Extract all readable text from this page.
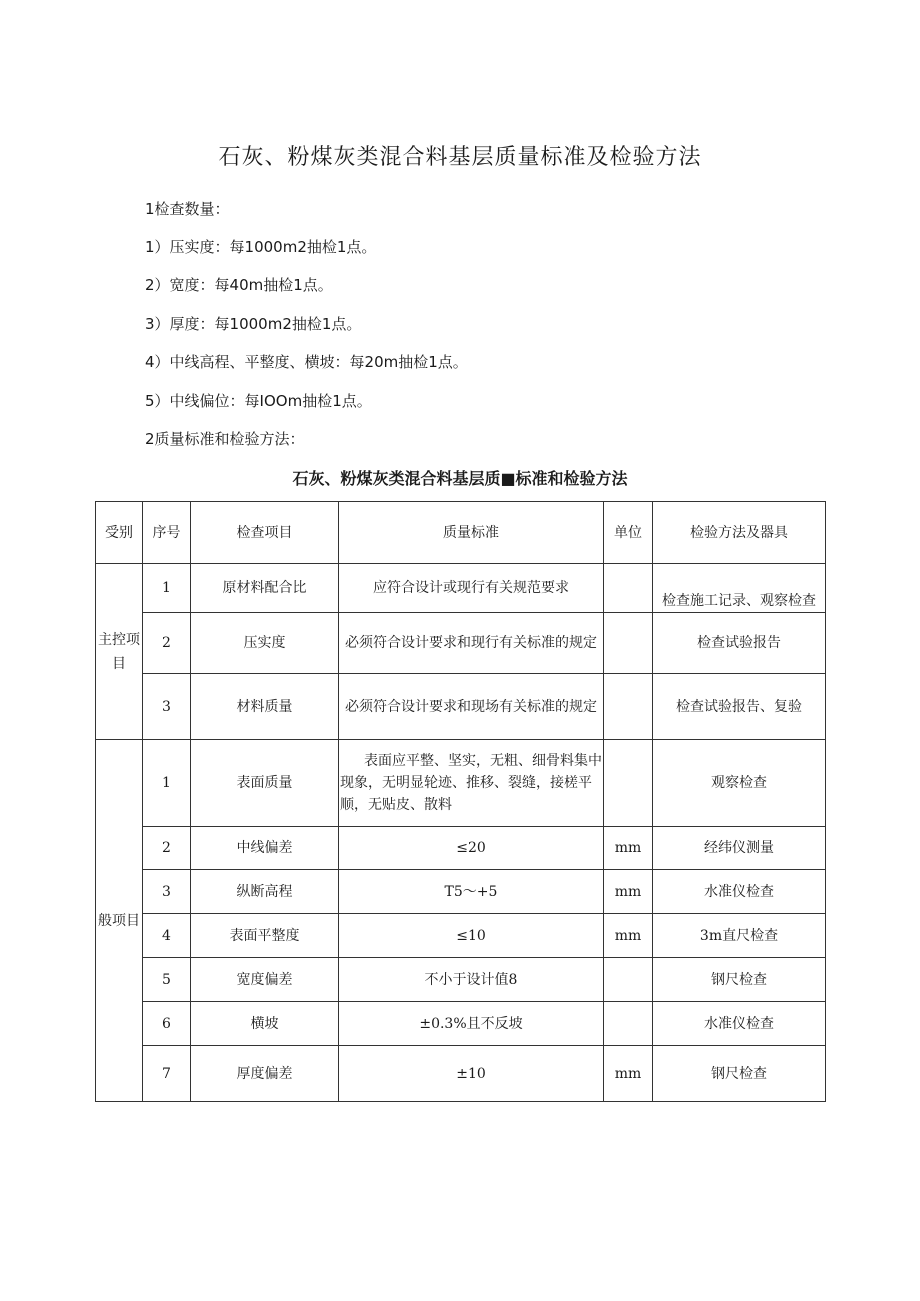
石灰、粉煤灰类混合料基层质量标准及检验方法
1检查数量：
1）压实度：每1000m2抽检1点。
2）宽度：每40m抽检1点。
3）厚度：每1000m2抽检1点。
4）中线高程、平整度、横坡：每20m抽检1点。
5）中线偏位：每IOOm抽检1点。
2质量标准和检验方法：
石灰、粉煤灰类混合料基层质■标准和检验方法
受别	序号	检查项目	质量标准	单位	检验方法及器具
主控项目	1	原材料配合比	应符合设计或现行有关规范要求		检查施工记录、观察检查
	2	压实度	必须符合设计要求和现行有关标准的规定		检查试验报告
	3	材料质量	必须符合设计要求和现场有关标准的规定		检查试验报告、复验
般项目	1	表面质量	表面应平整、坚实，无粗、细骨料集中现象，无明显轮迹、推移、裂缝，接槎平顺，无贴皮、散料		观察检查
	2	中线偏差	≤20	mm	经纬仪测量
	3	纵断高程	T5～+5	mm	水准仪检查
	4	表面平整度	≤10	mm	3m直尺检查
	5	宽度偏差	不小于设计值8		钢尺检查
	6	横坡	±0.3%且不反坡		水准仪检查
	7	厚度偏差	±10	mm	钢尺检查
